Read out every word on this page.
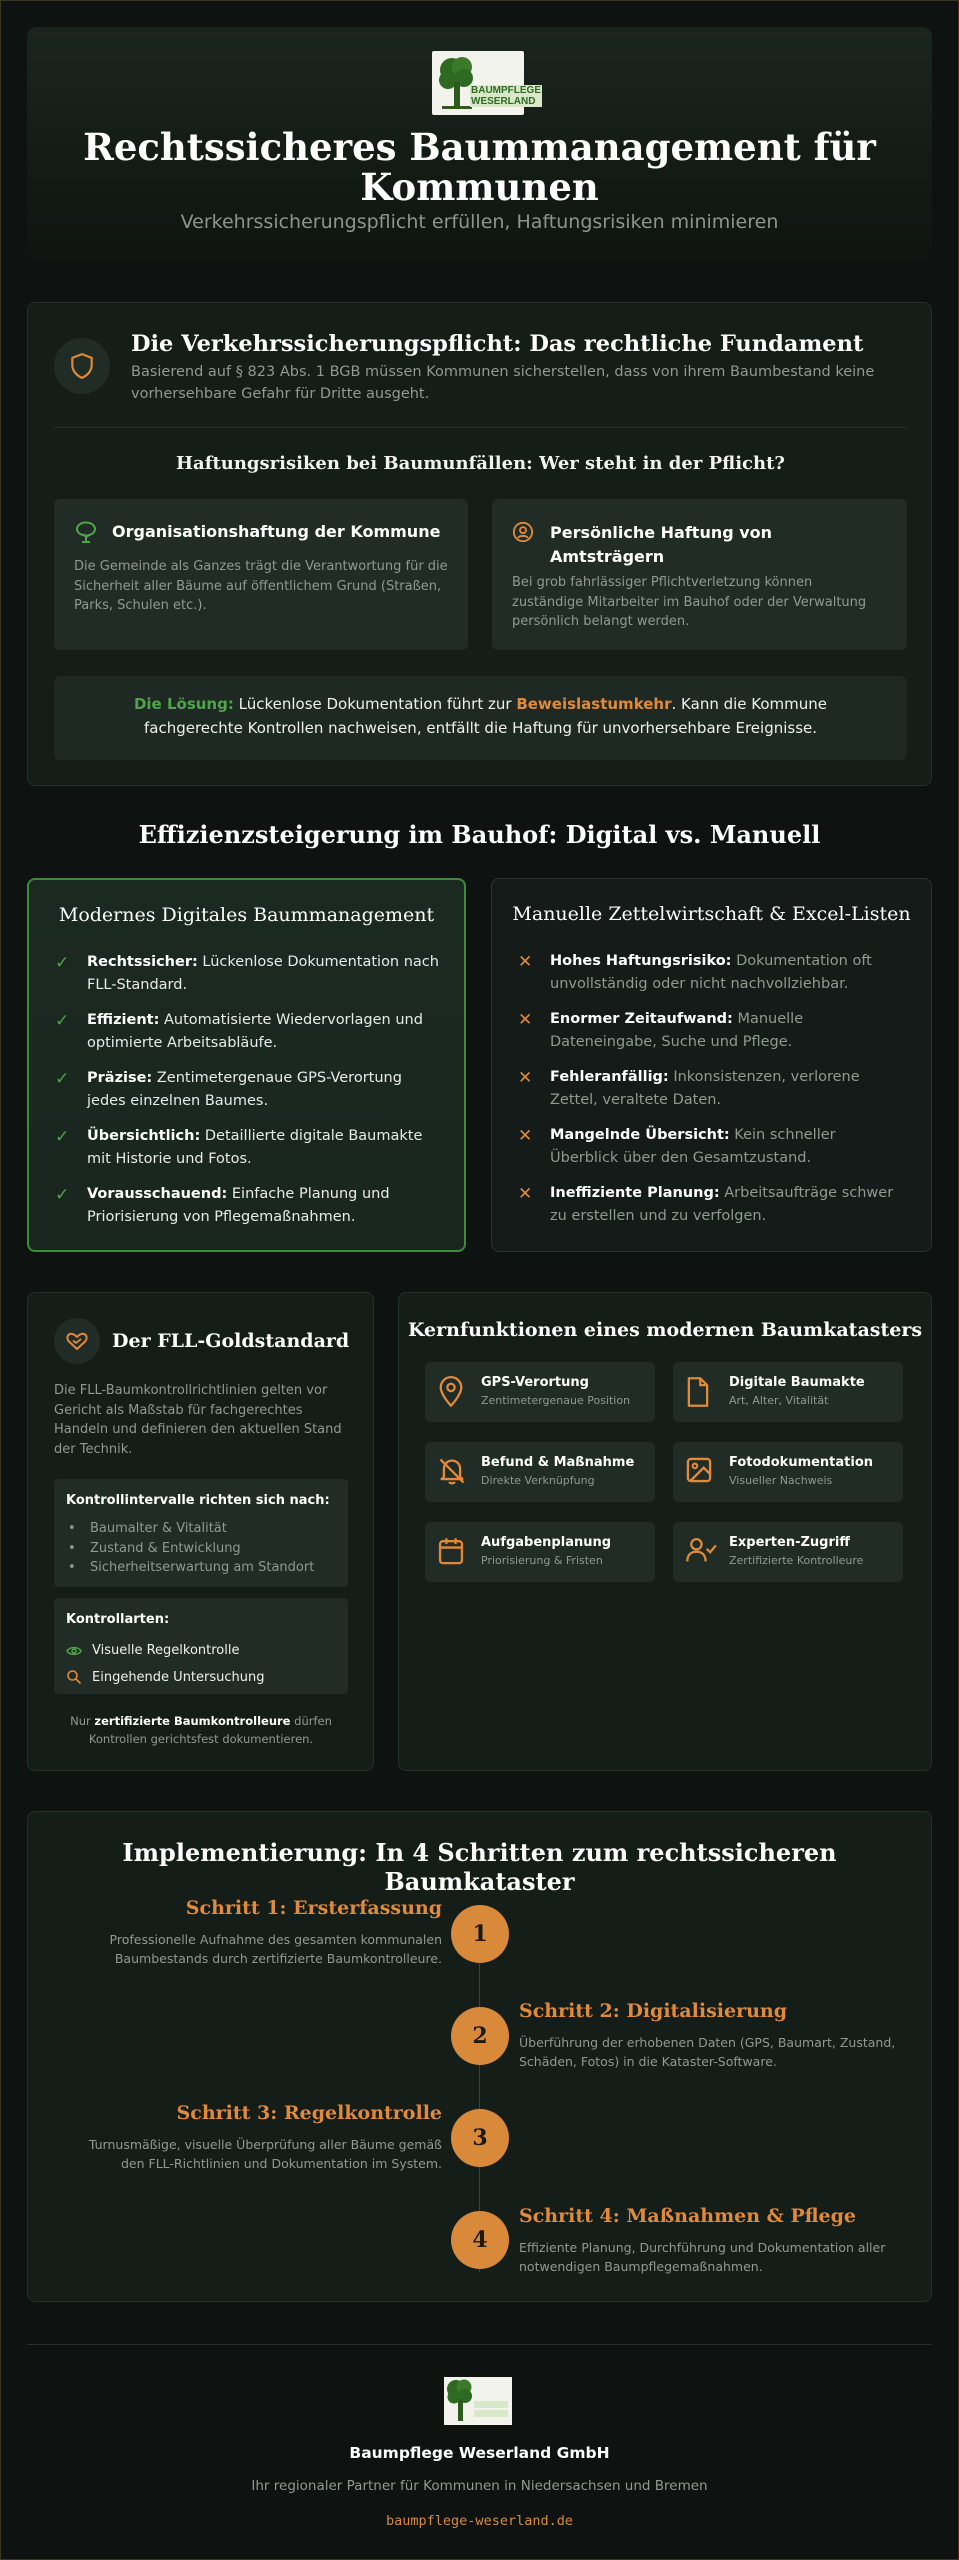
BAUMPFLEGE
WESERLAND
Rechtssicheres Baummanagement für Kommunen
Verkehrssicherungspflicht erfüllen, Haftungsrisiken minimieren
Die Verkehrssicherungspflicht: Das rechtliche Fundament

Basierend auf § 823 Abs. 1 BGB müssen Kommunen sicherstellen, dass von ihrem Baumbestand keine vorhersehbare Gefahr für Dritte ausgeht.

Haftungsrisiken bei Baumunfällen: Wer steht in der Pflicht?
Organisationshaftung der Kommune
Die Gemeinde als Ganzes trägt die Verantwortung für die Sicherheit aller Bäume auf öffentlichem Grund (Straßen, Parks, Schulen etc.).
Persönliche Haftung von Amtsträgern
Bei grob fahrlässiger Pflichtverletzung können zuständige Mitarbeiter im Bauhof oder der Verwaltung persönlich belangt werden.
Die Lösung: Lückenlose Dokumentation führt zur Beweislastumkehr. Kann die Kommune fachgerechte Kontrollen nachweisen, entfällt die Haftung für unvorhersehbare Ereignisse.
Effizienzsteigerung im Bauhof: Digital vs. Manuell
Modernes Digitales Baummanagement
✓ Rechtssicher: Lückenlose Dokumentation nach FLL-Standard.
✓ Effizient: Automatisierte Wiedervorlagen und optimierte Arbeitsabläufe.
✓ Präzise: Zentimetergenaue GPS-Verortung jedes einzelnen Baumes.
✓ Übersichtlich: Detaillierte digitale Baumakte mit Historie und Fotos.
✓ Vorausschauend: Einfache Planung und Priorisierung von Pflegemaßnahmen.
Manuelle Zettelwirtschaft & Excel-Listen
✕ Hohes Haftungsrisiko: Dokumentation oft unvollständig oder nicht nachvollziehbar.
✕ Enormer Zeitaufwand: Manuelle Dateneingabe, Suche und Pflege.
✕ Fehleranfällig: Inkonsistenzen, verlorene Zettel, veraltete Daten.
✕ Mangelnde Übersicht: Kein schneller Überblick über den Gesamtzustand.
✕ Ineffiziente Planung: Arbeitsaufträge schwer zu erstellen und zu verfolgen.
Der FLL-Goldstandard

Die FLL-Baumkontrollrichtlinien gelten vor Gericht als Maßstab für fachgerechtes Handeln und definieren den aktuellen Stand der Technik.

Kontrollintervalle richten sich nach:
• Baumalter & Vitalität
• Zustand & Entwicklung
• Sicherheitserwartung am Standort
Kontrollarten:
Visuelle Regelkontrolle
Eingehende Untersuchung

Nur zertifizierte Baumkontrolleure dürfen Kontrollen gerichtsfest dokumentieren.

Kernfunktionen eines modernen Baumkatasters
GPS-Verortung
Zentimetergenaue Position
Digitale Baumakte
Art, Alter, Vitalität
Befund & Maßnahme
Direkte Verknüpfung
Fotodokumentation
Visueller Nachweis
Aufgabenplanung
Priorisierung & Fristen
Experten-Zugriff
Zertifizierte Kontrolleure
Implementierung: In 4 Schritten zum rechtssicheren Baumkataster
Schritt 1: Ersterfassung
Professionelle Aufnahme des gesamten kommunalen Baumbestands durch zertifizierte Baumkontrolleure.
1
2
Schritt 2: Digitalisierung
Überführung der erhobenen Daten (GPS, Baumart, Zustand, Schäden, Fotos) in die Kataster-Software.
Schritt 3: Regelkontrolle
Turnusmäßige, visuelle Überprüfung aller Bäume gemäß den FLL-Richtlinien und Dokumentation im System.
3
4
Schritt 4: Maßnahmen & Pflege
Effiziente Planung, Durchführung und Dokumentation aller notwendigen Baumpflegemaßnahmen.
Baumpflege Weserland GmbH
Ihr regionaler Partner für Kommunen in Niedersachsen und Bremen
baumpflege-weserland.de
